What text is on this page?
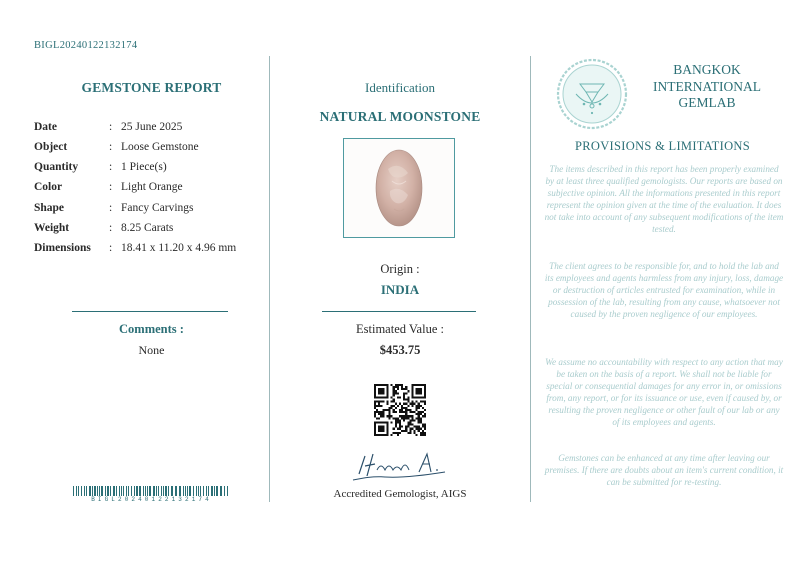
BIGL20240122132174
GEMSTONE REPORT
Date	: 25 June 2025
Object	: Loose Gemstone
Quantity	: 1 Piece(s)
Color	: Light Orange
Shape	: Fancy Carvings
Weight	: 8.25 Carats
Dimensions	: 18.41 x 11.20 x 4.96 mm
Comments :
None
BIGL20240122132174
Identification
NATURAL MOONSTONE
Origin :
INDIA
Estimated Value :
$453.75
Accredited Gemologist, AIGS
BANGKOK
INTERNATIONAL
GEMLAB
PROVISIONS & LIMITATIONS
The items described in this report has been properly examined by at least three qualified gemologists. Our reports are based on subjective opinion. All the informations presented in this report represent the opinion given at the time of the evaluation. It does not take into account of any subsequent modifications of the item tested.
The client agrees to be responsible for, and to hold the lab and its employees and agents harmless from any injury, loss, damage or destruction of articles entrusted for examination, while in possession of the lab, resulting from any cause, whatsoever not caused by the proven negligence of our employees.
We assume no accountability with respect to any action that may be taken on the basis of a report. We shall not be liable for special or consequential damages for any error in, or omissions from, any report, or for its issuance or use, even if caused by, or resulting the proven negligence or other fault of our lab or any of its employees and agents.
Gemstones can be enhanced at any time after leaving our premises. If there are doubts about an item's current condition, it can be submitted for re-testing.
